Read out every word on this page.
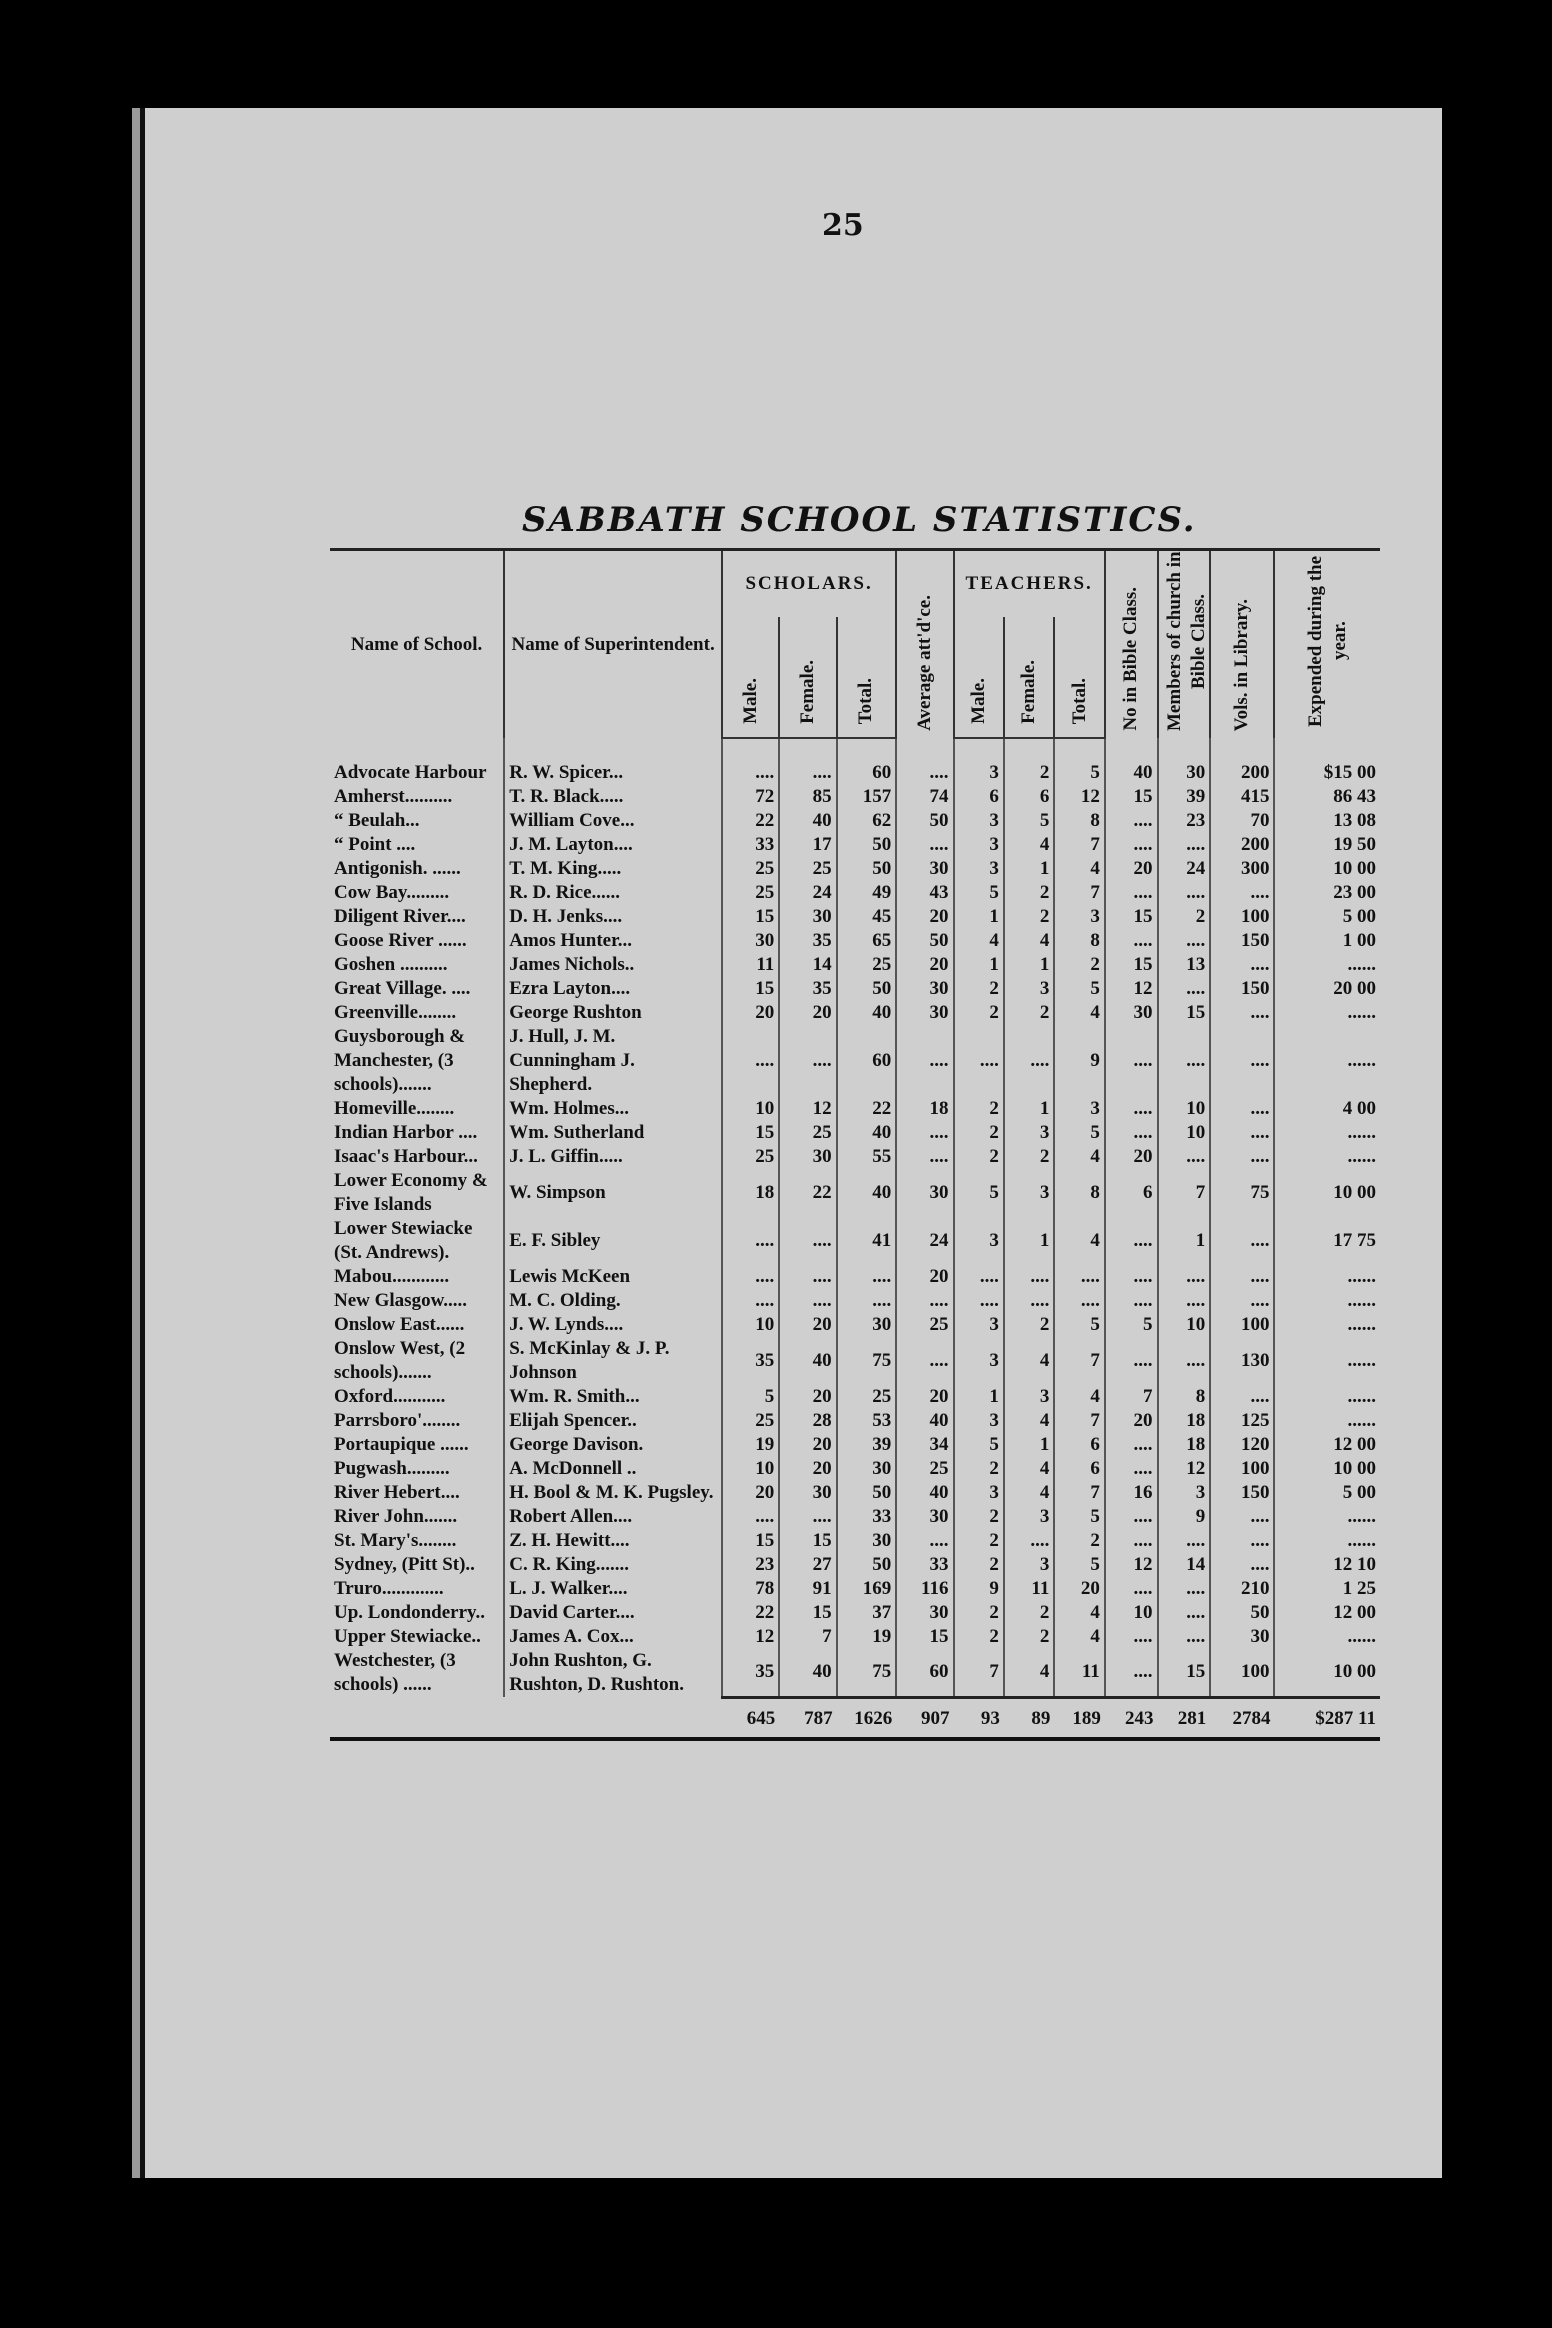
25
SABBATH SCHOOL STATISTICS.
Name of School.	Name of Superintendent.	SCHOLARS.			Average att'd'ce.	TEACHERS.			No in Bible Class.	Members of church in Bible Class.	Vols. in Library.	Expended during the year.
		Male.	Female.	Total.		Male.	Female.	Total.				
Advocate Harbour	R. W. Spicer...	....	....	60	....	3	2	5	40	30	200	$15 00
Amherst..........	T. R. Black.....	72	85	157	74	6	6	12	15	39	415	86 43
“ Beulah...	William Cove...	22	40	62	50	3	5	8	....	23	70	13 08
“ Point ....	J. M. Layton....	33	17	50	....	3	4	7	....	....	200	19 50
Antigonish. ......	T. M. King.....	25	25	50	30	3	1	4	20	24	300	10 00
Cow Bay.........	R. D. Rice......	25	24	49	43	5	2	7	....	....	....	23 00
Diligent River....	D. H. Jenks....	15	30	45	20	1	2	3	15	2	100	5 00
Goose River ......	Amos Hunter...	30	35	65	50	4	4	8	....	....	150	1 00
Goshen ..........	James Nichols..	11	14	25	20	1	1	2	15	13	....	......
Great Village. ....	Ezra Layton....	15	35	50	30	2	3	5	12	....	150	20 00
Greenville........	George Rushton	20	20	40	30	2	2	4	30	15	....	......
Guysborough & Manchester, (3 schools).......	J. Hull, J. M. Cunningham J. Shepherd.	....	....	60	....	....	....	9	....	....	....	......
Homeville........	Wm. Holmes...	10	12	22	18	2	1	3	....	10	....	4 00
Indian Harbor ....	Wm. Sutherland	15	25	40	....	2	3	5	....	10	....	......
Isaac's Harbour...	J. L. Giffin.....	25	30	55	....	2	2	4	20	....	....	......
Lower Economy & Five Islands	W. Simpson	18	22	40	30	5	3	8	6	7	75	10 00
Lower Stewiacke (St. Andrews).	E. F. Sibley	....	....	41	24	3	1	4	....	1	....	17 75
Mabou............	Lewis McKeen	....	....	....	20	....	....	....	....	....	....	......
New Glasgow.....	M. C. Olding.	....	....	....	....	....	....	....	....	....	....	......
Onslow East......	J. W. Lynds....	10	20	30	25	3	2	5	5	10	100	......
Onslow West, (2 schools).......	S. McKinlay & J. P. Johnson	35	40	75	....	3	4	7	....	....	130	......
Oxford...........	Wm. R. Smith...	5	20	25	20	1	3	4	7	8	....	......
Parrsboro'........	Elijah Spencer..	25	28	53	40	3	4	7	20	18	125	......
Portaupique ......	George Davison.	19	20	39	34	5	1	6	....	18	120	12 00
Pugwash.........	A. McDonnell ..	10	20	30	25	2	4	6	....	12	100	10 00
River Hebert....	H. Bool & M. K. Pugsley.	20	30	50	40	3	4	7	16	3	150	5 00
River John.......	Robert Allen....	....	....	33	30	2	3	5	....	9	....	......
St. Mary's........	Z. H. Hewitt....	15	15	30	....	2	....	2	....	....	....	......
Sydney, (Pitt St)..	C. R. King.......	23	27	50	33	2	3	5	12	14	....	12 10
Truro.............	L. J. Walker....	78	91	169	116	9	11	20	....	....	210	1 25
Up. Londonderry..	David Carter....	22	15	37	30	2	2	4	10	....	50	12 00
Upper Stewiacke..	James A. Cox...	12	7	19	15	2	2	4	....	....	30	......
Westchester, (3 schools) ......	John Rushton, G. Rushton, D. Rushton.	35	40	75	60	7	4	11	....	15	100	10 00
		645	787	1626	907	93	89	189	243	281	2784	$287 11
